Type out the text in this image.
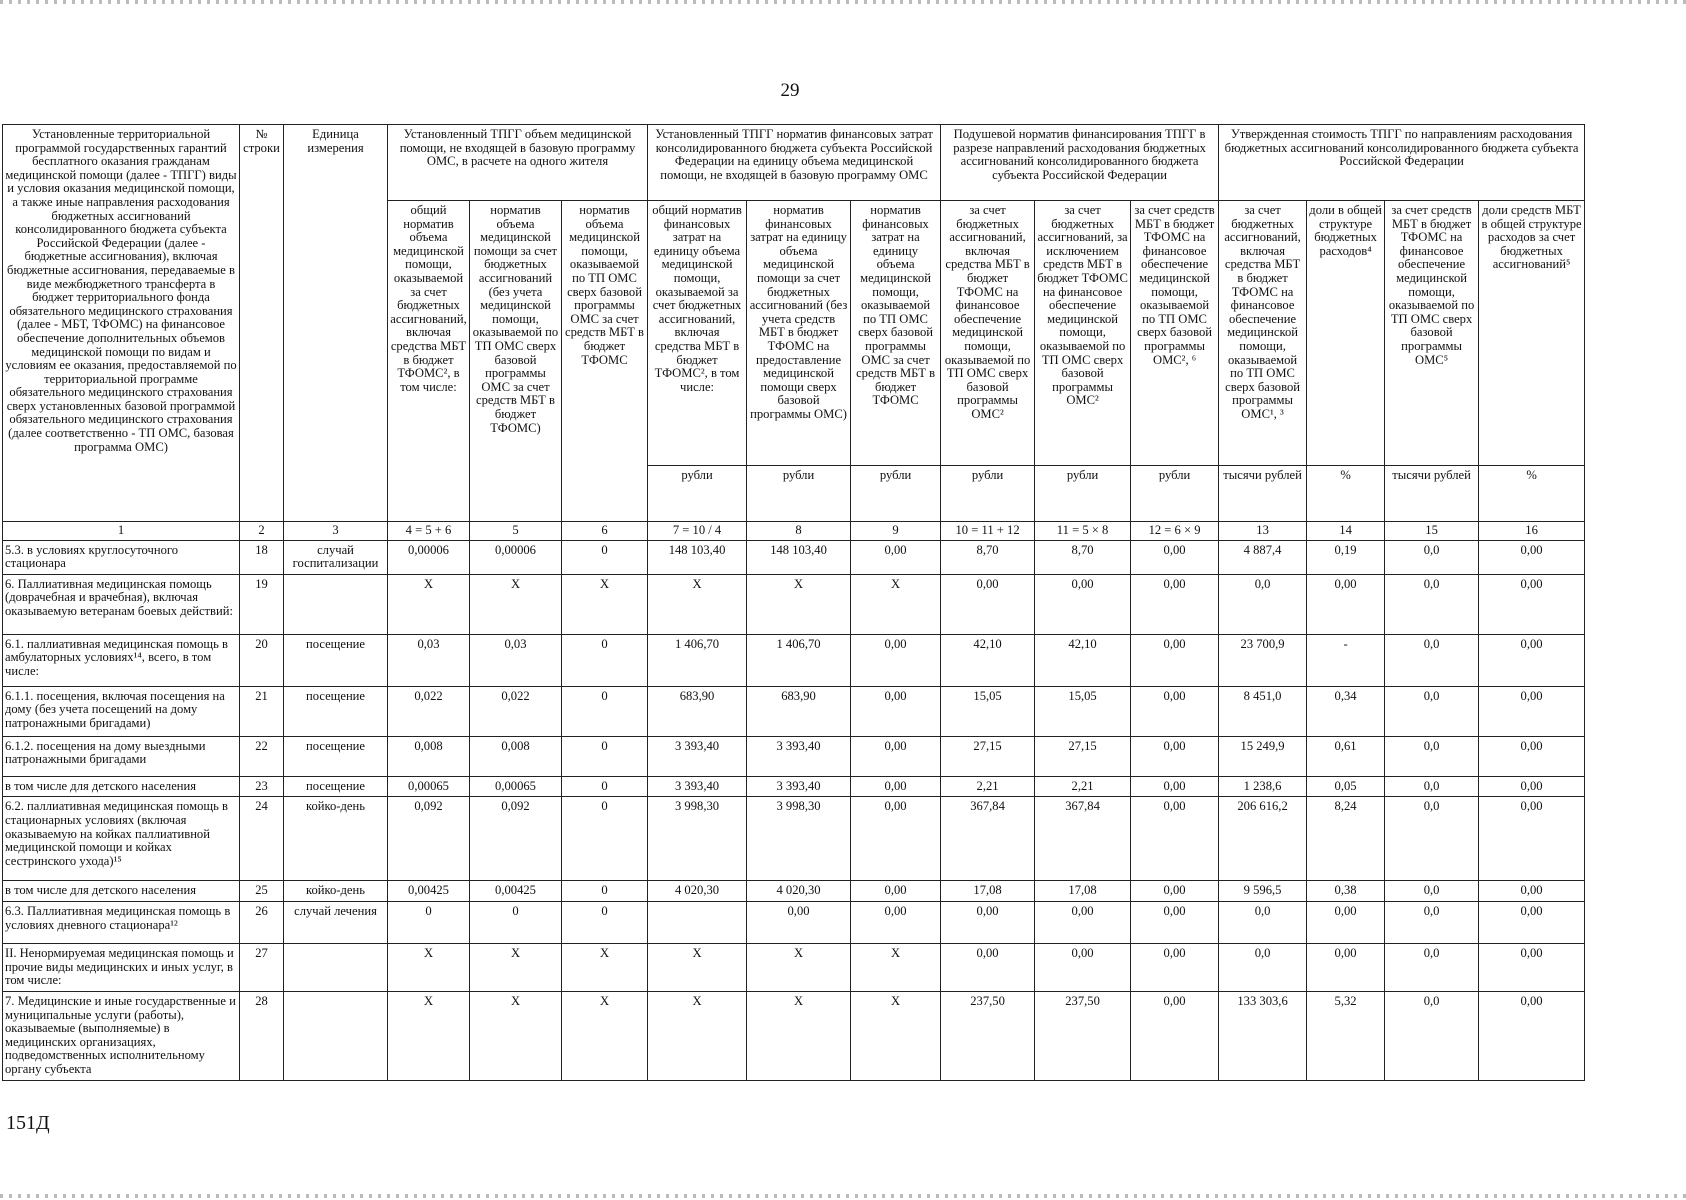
29
Установленные территориальной программой государственных гарантий бесплатного оказания гражданам медицинской помощи (далее - ТПГГ) виды и условия оказания медицинской помощи, а также иные направления расходования бюджетных ассигнований консолидированного бюджета субъекта Российской Федерации (далее - бюджетные ассигнования), включая бюджетные ассигнования, передаваемые в виде межбюджетного трансферта в бюджет территориального фонда обязательного медицинского страхования (далее - МБТ, ТФОМС) на финансовое обеспечение дополнительных объемов медицинской помощи по видам и условиям ее оказания, предоставляемой по территориальной программе обязательного медицинского страхования сверх установленных базовой программой обязательного медицинского страхования (далее соответственно - ТП ОМС, базовая программа ОМС)	№ строки	Единица измерения	Установленный ТПГГ объем медицинской помощи, не входящей в базовую программу ОМС, в расчете на одного жителя			Установленный ТПГГ норматив финансовых затрат консолидированного бюджета субъекта Российской Федерации на единицу объема медицинской помощи, не входящей в базовую программу ОМС			Подушевой норматив финансирования ТПГГ в разрезе направлений расходования бюджетных ассигнований консолидированного бюджета субъекта Российской Федерации			Утвержденная стоимость ТПГГ по направлениям расходования бюджетных ассигнований консолидированного бюджета субъекта Российской Федерации			
			общий норматив объема медицинской помощи, оказываемой за счет бюджетных ассигнований, включая средства МБТ в бюджет ТФОМС², в том числе:	норматив объема медицинской помощи за счет бюджетных ассигнований (без учета медицинской помощи, оказываемой по ТП ОМС сверх базовой программы ОМС за счет средств МБТ в бюджет ТФОМС)	норматив объема медицинской помощи, оказываемой по ТП ОМС сверх базовой программы ОМС за счет средств МБТ в бюджет ТФОМС	общий норматив финансовых затрат на единицу объема медицинской помощи, оказываемой за счет бюджетных ассигнований, включая средства МБТ в бюджет ТФОМС², в том числе:	норматив финансовых затрат на единицу объема медицинской помощи за счет бюджетных ассигнований (без учета средств МБТ в бюджет ТФОМС на предоставление медицинской помощи сверх базовой программы ОМС)	норматив финансовых затрат на единицу объема медицинской помощи, оказываемой по ТП ОМС сверх базовой программы ОМС за счет средств МБТ в бюджет ТФОМС	за счет бюджетных ассигнований, включая средства МБТ в бюджет ТФОМС на финансовое обеспечение медицинской помощи, оказываемой по ТП ОМС сверх базовой программы ОМС²	за счет бюджетных ассигнований, за исключением средств МБТ в бюджет ТФОМС на финансовое обеспечение медицинской помощи, оказываемой по ТП ОМС сверх базовой программы ОМС²	за счет средств МБТ в бюджет ТФОМС на финансовое обеспечение медицинской помощи, оказываемой по ТП ОМС сверх базовой программы ОМС², ⁶	за счет бюджетных ассигнований, включая средства МБТ в бюджет ТФОМС на финансовое обеспечение медицинской помощи, оказываемой по ТП ОМС сверх базовой программы ОМС¹, ³	доли в общей структуре бюджетных расходов⁴	за счет средств МБТ в бюджет ТФОМС на финансовое обеспечение медицинской помощи, оказываемой по ТП ОМС сверх базовой программы ОМС⁵	доли средств МБТ в общей структуре расходов за счет бюджетных ассигнований⁵
						рубли	рубли	рубли	рубли	рубли	рубли	тысячи рублей	%	тысячи рублей	%
1	2	3	4 = 5 + 6	5	6	7 = 10 / 4	8	9	10 = 11 + 12	11 = 5 × 8	12 = 6 × 9	13	14	15	16
5.3. в условиях круглосуточного стационара	18	случай госпитализации	0,00006	0,00006	0	148 103,40	148 103,40	0,00	8,70	8,70	0,00	4 887,4	0,19	0,0	0,00
6. Паллиативная медицинская помощь (доврачебная и врачебная), включая оказываемую ветеранам боевых действий:	19		X	X	X	X	X	X	0,00	0,00	0,00	0,0	0,00	0,0	0,00
6.1. паллиативная медицинская помощь в амбулаторных условиях¹⁴, всего, в том числе:	20	посещение	0,03	0,03	0	1 406,70	1 406,70	0,00	42,10	42,10	0,00	23 700,9	-	0,0	0,00
6.1.1. посещения, включая посещения на дому (без учета посещений на дому патронажными бригадами)	21	посещение	0,022	0,022	0	683,90	683,90	0,00	15,05	15,05	0,00	8 451,0	0,34	0,0	0,00
6.1.2. посещения на дому выездными патронажными бригадами	22	посещение	0,008	0,008	0	3 393,40	3 393,40	0,00	27,15	27,15	0,00	15 249,9	0,61	0,0	0,00
в том числе для детского населения	23	посещение	0,00065	0,00065	0	3 393,40	3 393,40	0,00	2,21	2,21	0,00	1 238,6	0,05	0,0	0,00
6.2. паллиативная медицинская помощь в стационарных условиях (включая оказываемую на койках паллиативной медицинской помощи и койках сестринского ухода)¹⁵	24	койко-день	0,092	0,092	0	3 998,30	3 998,30	0,00	367,84	367,84	0,00	206 616,2	8,24	0,0	0,00
в том числе для детского населения	25	койко-день	0,00425	0,00425	0	4 020,30	4 020,30	0,00	17,08	17,08	0,00	9 596,5	0,38	0,0	0,00
6.3. Паллиативная медицинская помощь в условиях дневного стационара¹²	26	случай лечения	0	0	0		0,00	0,00	0,00	0,00	0,00	0,0	0,00	0,0	0,00
II. Ненормируемая медицинская помощь и прочие виды медицинских и иных услуг, в том числе:	27		X	X	X	X	X	X	0,00	0,00	0,00	0,0	0,00	0,0	0,00
7. Медицинские и иные государственные и муниципальные услуги (работы), оказываемые (выполняемые) в медицинских организациях, подведомственных исполнительному органу субъекта	28		X	X	X	X	X	X	237,50	237,50	0,00	133 303,6	5,32	0,0	0,00
151Д
